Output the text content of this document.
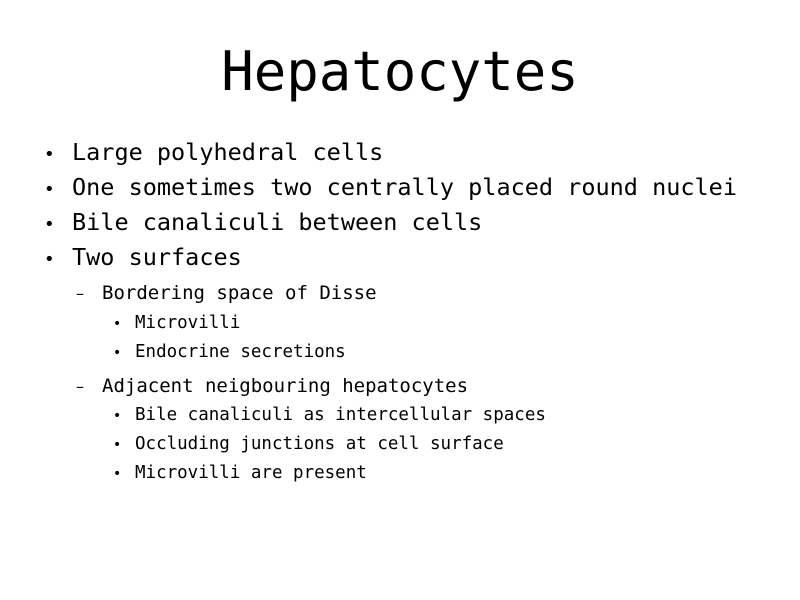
Hepatocytes
• Large polyhedral cells
• One sometimes two centrally placed round nuclei
• Bile canaliculi between cells
• Two surfaces
– Bordering space of Disse
• Microvilli
• Endocrine secretions
– Adjacent neigbouring hepatocytes
• Bile canaliculi as intercellular spaces
• Occluding junctions at cell surface
• Microvilli are present
